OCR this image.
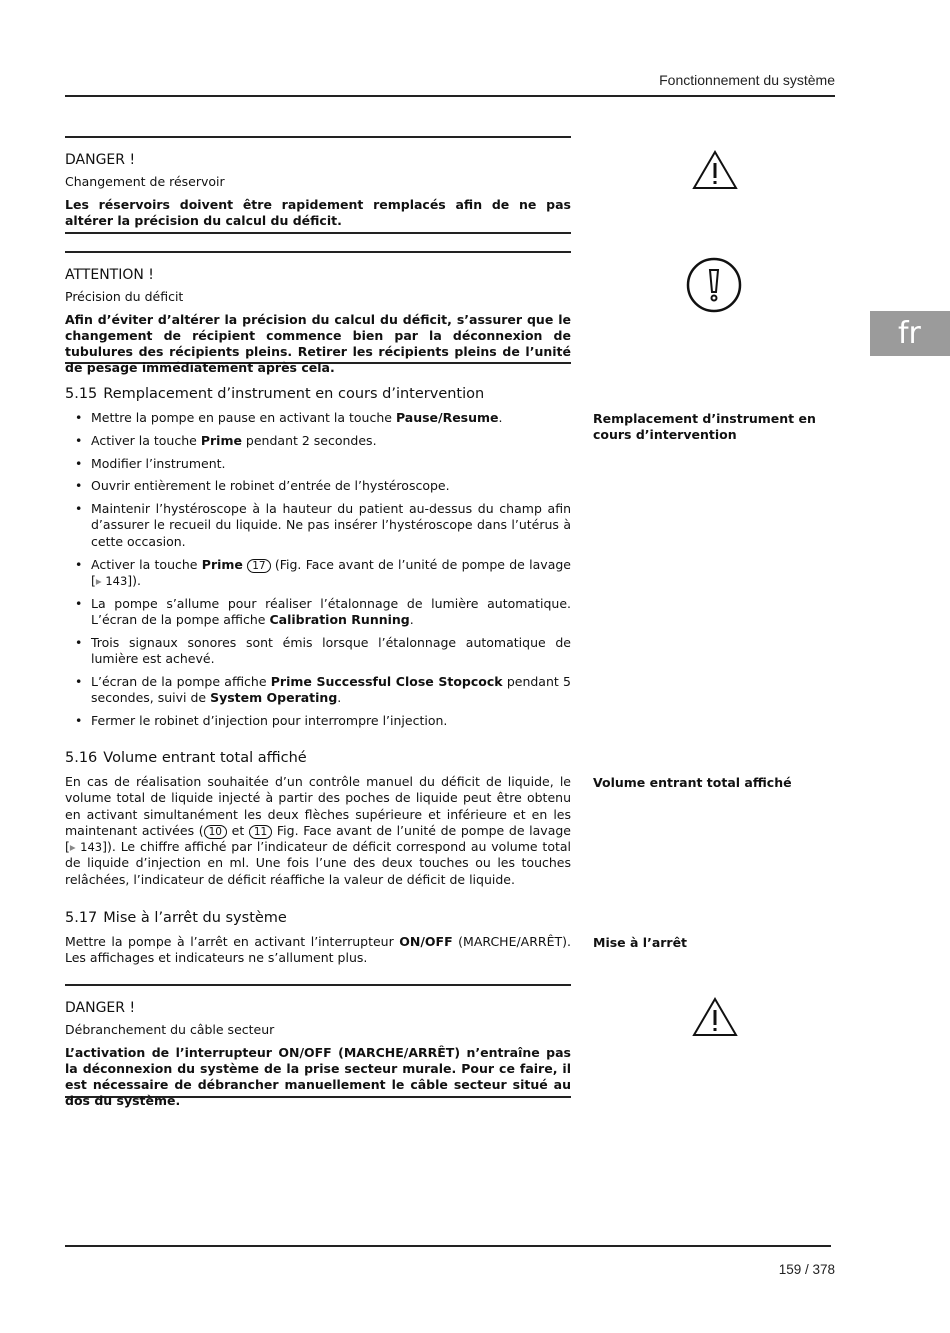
Fonctionnement du système
fr
DANGER !
Changement de réservoir
Les réservoirs doivent être rapidement remplacés afin de ne pas altérer la précision du calcul du déficit.
ATTENTION !
Précision du déficit
Afin d’éviter d’altérer la précision du calcul du déficit, s’assurer que le changement de récipient commence bien par la déconnexion de tubulures des récipients pleins. Retirer les récipients pleins de l’unité de pesage immédiatement après cela.
5.15 Remplacement d’instrument en cours d’intervention
Remplacement d’instrument en cours d’intervention
• Mettre la pompe en pause en activant la touche Pause/Resume.
• Activer la touche Prime pendant 2 secondes.
• Modifier l’instrument.
• Ouvrir entièrement le robinet d’entrée de l’hystéroscope.
• Maintenir l’hystéroscope à la hauteur du patient au-dessus du champ afin d’assurer le recueil du liquide. Ne pas insérer l’hystéroscope dans l’utérus à cette occasion.
• Activer la touche Prime 17 (Fig. Face avant de l’unité de pompe de lavage [▸ 143]).
• La pompe s’allume pour réaliser l’étalonnage de lumière automatique. L’écran de la pompe affiche Calibration Running.
• Trois signaux sonores sont émis lorsque l’étalonnage automatique de lumière est achevé.
• L’écran de la pompe affiche Prime Successful Close Stopcock pendant 5 secondes, suivi de System Operating.
• Fermer le robinet d’injection pour interrompre l’injection.
5.16 Volume entrant total affiché
Volume entrant total affiché
En cas de réalisation souhaitée d’un contrôle manuel du déficit de liquide, le volume total de liquide injecté à partir des poches de liquide peut être obtenu en activant simultanément les deux flèches supérieure et inférieure et en les maintenant activées ( 10 et 11 Fig. Face avant de l’unité de pompe de lavage [▸ 143]). Le chiffre affiché par l’indicateur de déficit correspond au volume total de liquide d’injection en ml. Une fois l’une des deux touches ou les touches relâchées, l’indicateur de déficit réaffiche la valeur de déficit de liquide.
5.17 Mise à l’arrêt du système
Mise à l’arrêt
Mettre la pompe à l’arrêt en activant l’interrupteur ON/OFF (MARCHE/ARRÊT). Les affichages et indicateurs ne s’allument plus.
DANGER !
Débranchement du câble secteur
L’activation de l’interrupteur ON/OFF (MARCHE/ARRÊT) n’entraîne pas la déconnexion du système de la prise secteur murale. Pour ce faire, il est nécessaire de débrancher manuellement le câble secteur situé au dos du système.
159 / 378
